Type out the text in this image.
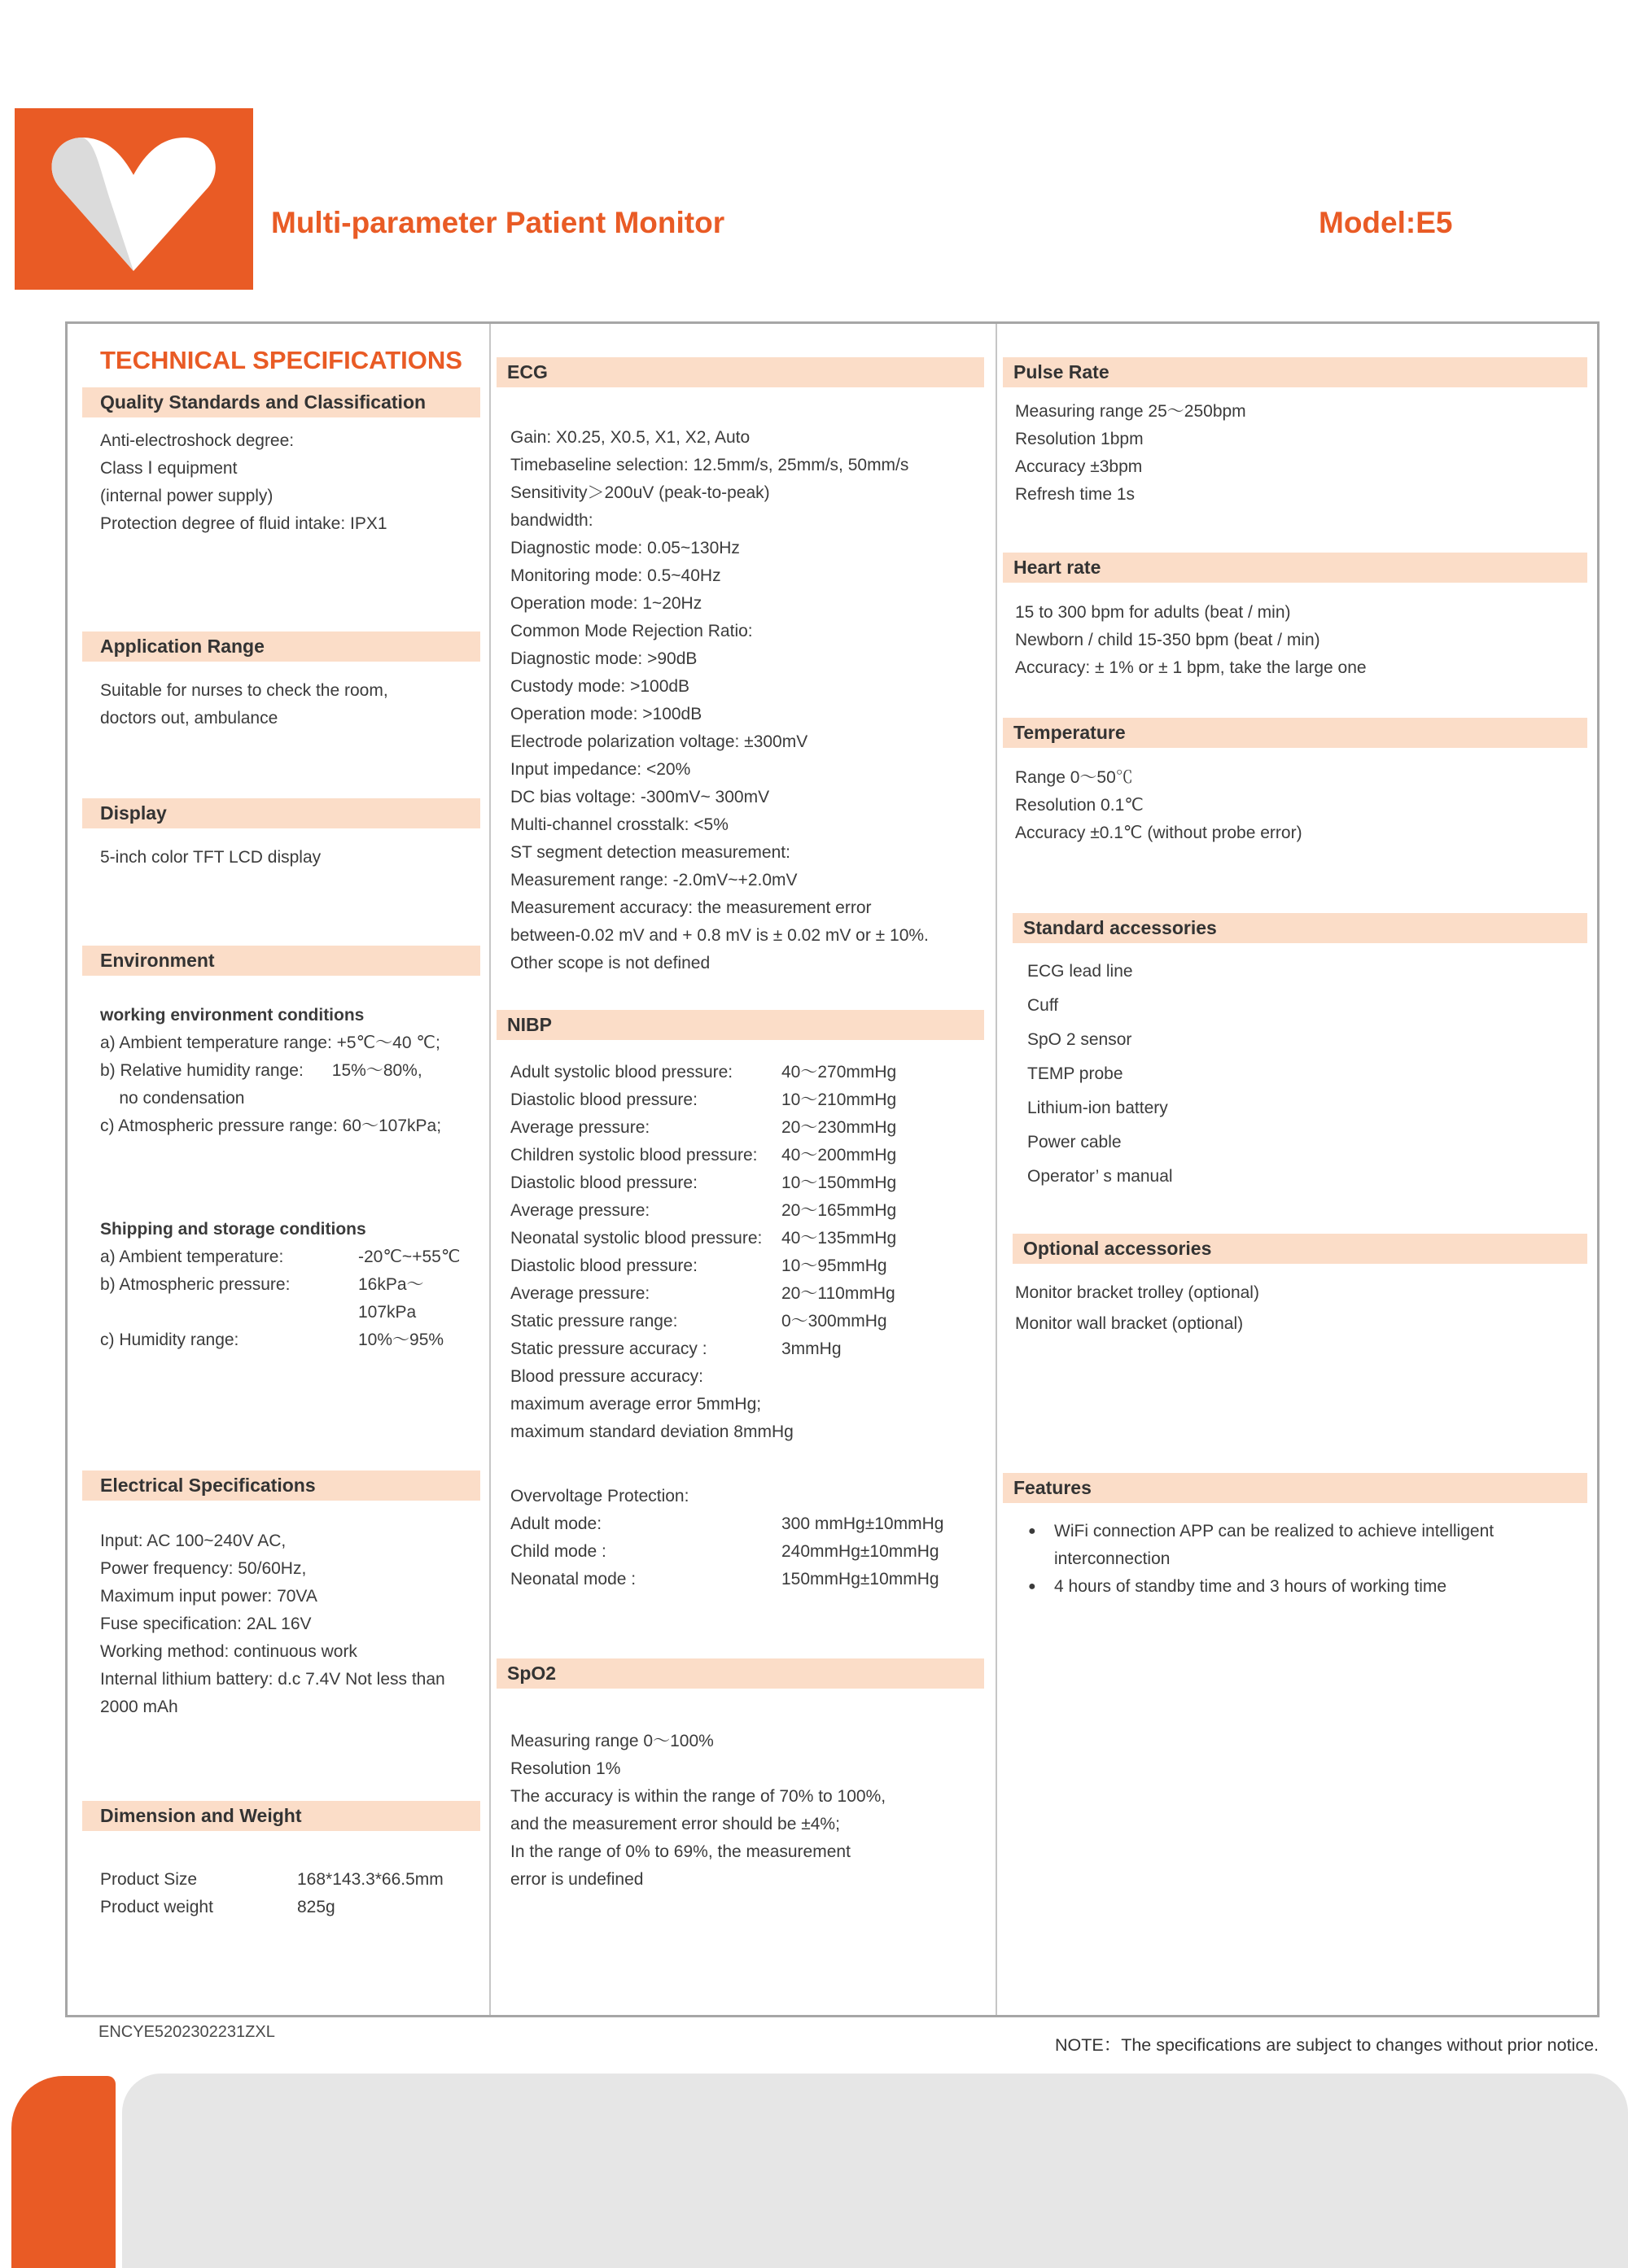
Multi-parameter Patient Monitor	Model:E5
TECHNICAL SPECIFICATIONS
Quality Standards and Classification
Anti-electroshock degree:
Class Ⅰ equipment
(internal power supply)
Protection degree of fluid intake: IPX1
Application Range
Suitable for nurses to check the room,
doctors out, ambulance
Display
5-inch color TFT LCD display
Environment
working environment conditions
a) Ambient temperature range: +5℃～40 ℃;
b) Relative humidity range:      15%～80%,
no condensation
c) Atmospheric pressure range: 60～107kPa;
Shipping and storage conditions
a) Ambient temperature:	-20℃~+55℃
b) Atmospheric pressure:	16kPa～107kPa
c) Humidity range:	10%～95%
Electrical Specifications
Input: AC 100~240V AC,
Power frequency: 50/60Hz,
Maximum input power: 70VA
Fuse specification: 2AL 16V
Working method: continuous work
Internal lithium battery: d.c 7.4V Not less than
2000 mAh
Dimension and Weight
Product Size	168*143.3*66.5mm
Product weight	825g
ECG
Gain: X0.25, X0.5, X1, X2, Auto
Timebaseline selection: 12.5mm/s, 25mm/s, 50mm/s
Sensitivity＞200uV (peak-to-peak)
bandwidth:
Diagnostic mode: 0.05~130Hz
Monitoring mode: 0.5~40Hz
Operation mode: 1~20Hz
Common Mode Rejection Ratio:
Diagnostic mode: >90dB
Custody mode: >100dB
Operation mode: >100dB
Electrode polarization voltage: ±300mV
Input impedance: <20%
DC bias voltage: -300mV~ 300mV
Multi-channel crosstalk: <5%
ST segment detection measurement:
Measurement range: -2.0mV~+2.0mV
Measurement accuracy: the measurement error
between-0.02 mV and + 0.8 mV is ± 0.02 mV or ± 10%.
Other scope is not defined
NIBP
Adult systolic blood pressure:	40～270mmHg
Diastolic blood pressure:	10～210mmHg
Average pressure:	20～230mmHg
Children systolic blood pressure:	40～200mmHg
Diastolic blood pressure:	10～150mmHg
Average pressure:	20～165mmHg
Neonatal systolic blood pressure:	40～135mmHg
Diastolic blood pressure:	10～95mmHg
Average pressure:	20～110mmHg
Static pressure range:	0～300mmHg
Static pressure accuracy :	3mmHg
Blood pressure accuracy:
maximum average error 5mmHg;
maximum standard deviation 8mmHg
Overvoltage Protection:
Adult mode:	300 mmHg±10mmHg
Child mode :	240mmHg±10mmHg
Neonatal mode :	150mmHg±10mmHg
SpO2
Measuring range 0～100%
Resolution 1%
The accuracy is within the range of 70% to 100%,
and the measurement error should be ±4%;
In the range of 0% to 69%, the measurement
error is undefined
Pulse Rate
Measuring range 25～250bpm
Resolution 1bpm
Accuracy ±3bpm
Refresh time 1s
Heart rate
15 to 300 bpm for adults (beat / min)
Newborn / child 15-350 bpm (beat / min)
Accuracy: ± 1% or ± 1 bpm, take the large one
Temperature
Range 0～50℃
Resolution 0.1℃
Accuracy ±0.1℃ (without probe error)
Standard accessories
ECG lead line
Cuff
SpO 2 sensor
TEMP probe
Lithium-ion battery
Power cable
Operator’ s manual
Optional accessories
Monitor bracket trolley (optional)
Monitor wall bracket (optional)
Features
●	WiFi connection APP can be realized to achieve intelligent interconnection
●	4 hours of standby time and 3 hours of working time
ENCYE5202302231ZXL
NOTE：The specifications are subject to changes without prior notice.
